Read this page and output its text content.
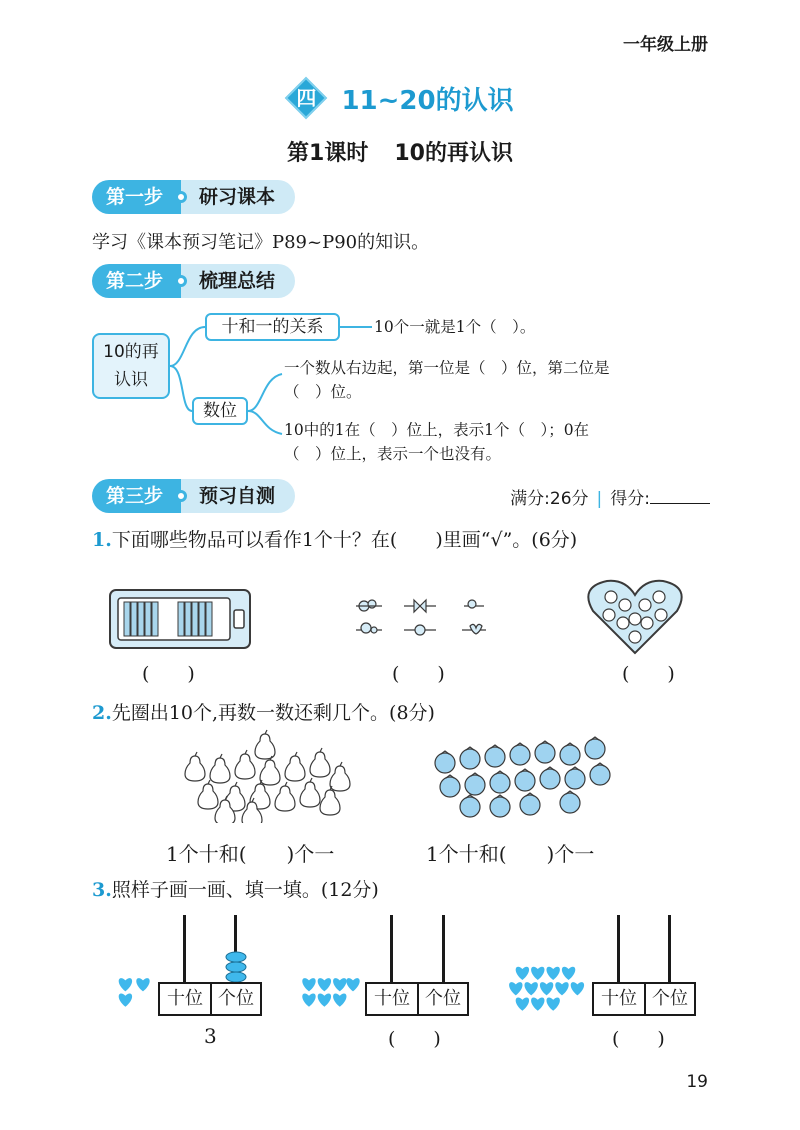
一年级上册
四 11~20的认识
第1课时 10的再认识
第一步	研习课本
学习《课本预习笔记》P89~P90的知识。
第二步	梳理总结
10的再
认识
十和一的关系	10个一就是1个（　）。
数位
一个数从右边起，第一位是（　）位，第二位是
（　）位。
10中的1在（　）位上，表示1个（　）；0在
（　）位上，表示一个也没有。
第三步	预习自测	满分:26分 | 得分:
1.下面哪些物品可以看作1个十？在(　　)里画“√”。(6分)
(　　)	(　　)	(　　)
2.先圈出10个,再数一数还剩几个。(8分)
1个十和(　　)个一	1个十和(　　)个一
3.照样子画一画、填一填。(12分)
十位 个位
3
十位 个位
(　　)
十位 个位
(　　)
19
